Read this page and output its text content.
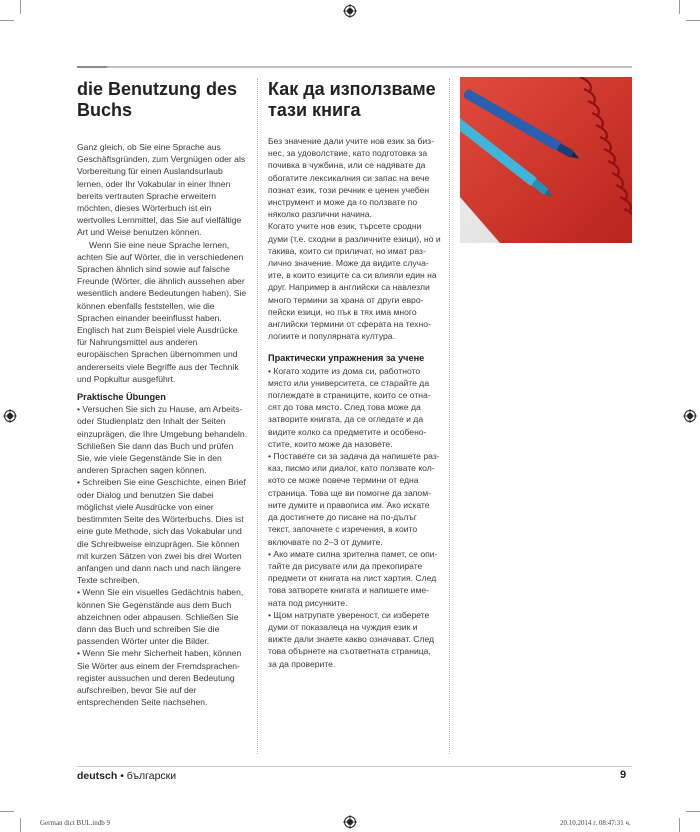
die Benutzung des Buchs

Ganz gleich, ob Sie eine Sprache aus Geschäftsgründen, zum Vergnügen oder als Vorbereitung für einen Auslandsurlaub lernen, oder Ihr Vokabular in einer Ihnen bereits vertrauten Sprache erweitern möchten, dieses Wörterbuch ist ein wertvolles Lernmittel, das Sie auf vielfältige Art und Weise benutzen können.

Wenn Sie eine neue Sprache lernen, achten Sie auf Wörter, die in verschiedenen Sprachen ähnlich sind sowie auf falsche Freunde (Wörter, die ähnlich aussehen aber wesentlich andere Bedeutungen haben). Sie können ebenfalls feststellen, wie die Sprachen einander beeinflusst haben. Englisch hat zum Beispiel viele Ausdrücke für Nahrungsmittel aus anderen europäischen Sprachen übernommen und andererseits viele Begriffe aus der Technik und Popkultur ausgeführt.

Praktische Übungen

• Versuchen Sie sich zu Hause, am Arbeits- oder Studienplatz den Inhalt der Seiten einzuprägen, die Ihre Umgebung behandeln. Schließen Sie dann das Buch und prüfen Sie, wie viele Gegenstände Sie in den anderen Sprachen sagen können.

• Schreiben Sie eine Geschichte, einen Brief oder Dialog und benutzen Sie dabei möglichst viele Ausdrücke von einer bestimmten Seite des Wörterbuchs. Dies ist eine gute Methode, sich das Vokabular und die Schreibweise einzuprägen. Sie können mit kurzen Sätzen von zwei bis drei Worten anfangen und dann nach und nach längere Texte schreiben.

• Wenn Sie ein visuelles Gedächtnis haben, können Sie Gegenstände aus dem Buch abzeichnen oder abpausen. Schließen Sie dann das Buch und schreiben Sie die passenden Wörter unter die Bilder.

• Wenn Sie mehr Sicherheit haben, können Sie Wörter aus einem der Fremdsprachen- register aussuchen und deren Bedeutung aufschreiben, bevor Sie auf der entsprechenden Seite nachsehen.

Как да използваме тази книга

Без значение дали учите нов език за биз- нес, за удоволствие, като подготовка за почивка в чужбина, или се надявате да обогатите лексикалния си запас на вече познат език, този речник е ценен учебен инструмент и може да го ползвате по няколко различни начина.

Когато учите нов език, търсете сродни думи (т.е. сходни в различните езици), но и такива, които си приличат, но имат раз- лично значение. Може да видите случа- ите, в които езиците са си влияли един на друг. Например в английски са навлезли много термини за храна от други евро- пейски езици, но пък в тях има много английски термини от сферата на техно- логиите и популярната култура.

Практически упражнения за учене

• Когато ходите из дома си, работното място или университета, се старайте да поглеждате в страниците, които се отна- сят до това място. След това може да затворите книгата, да се огледате и да видите колко са предметите и особено- стите, които може да назовете.

• Поставете си за задача да напишете раз- каз, писмо или диалог, като ползвате кол- кото се може повече термини от една страница. Това ще ви помогне да запом- ните думите и правописа им. Ако искате да достигнете до писане на по-дълъг текст, започнете с изречения, в които включвате по 2–3 от думите.

• Ако имате силна зрителна памет, се опи- тайте да рисувате или да прекопирате предмети от книгата на лист хартия. След това затворете книгата и напишете име- ната под рисунките.

• Щом натрупате увереност, си изберете думи от показалеца на чуждия език и вижте дали знаете какво означават. След това обърнете на съответната страница, за да проверите.

deutsch • български	9
German dict BUL.indb 9	20.10.2014 г. 08:47:31 ч.
